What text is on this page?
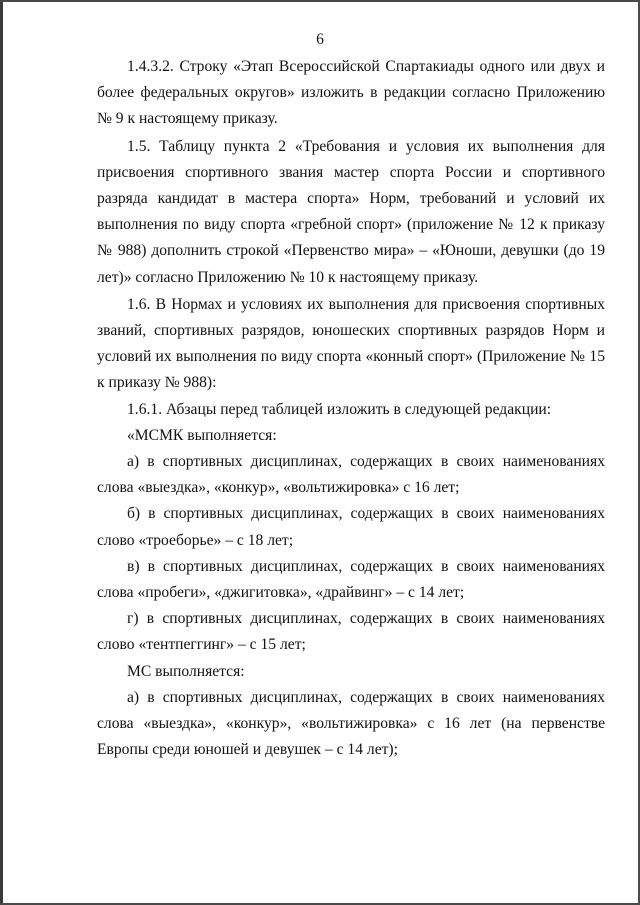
6

1.4.3.2. Строку «Этап Всероссийской Спартакиады одного или двух и более федеральных округов» изложить в редакции согласно Приложению № 9 к настоящему приказу.

1.5. Таблицу пункта 2 «Требования и условия их выполнения для присвоения спортивного звания мастер спорта России и спортивного разряда кандидат в мастера спорта» Норм, требований и условий их выполнения по виду спорта «гребной спорт» (приложение № 12 к приказу № 988) дополнить строкой «Первенство мира» – «Юноши, девушки (до 19 лет)» согласно Приложению № 10 к настоящему приказу.

1.6. В Нормах и условиях их выполнения для присвоения спортивных званий, спортивных разрядов, юношеских спортивных разрядов Норм и условий их выполнения по виду спорта «конный спорт» (Приложение № 15 к приказу № 988):

1.6.1. Абзацы перед таблицей изложить в следующей редакции:

«МСМК выполняется:

а) в спортивных дисциплинах, содержащих в своих наименованиях слова «выездка», «конкур», «вольтижировка» с 16 лет;

б) в спортивных дисциплинах, содержащих в своих наименованиях слово «троеборье» – с 18 лет;

в) в спортивных дисциплинах, содержащих в своих наименованиях слова «пробеги», «джигитовка», «драйвинг» – с 14 лет;

г) в спортивных дисциплинах, содержащих в своих наименованиях слово «тентпеггинг» – с 15 лет;

МС выполняется:

а) в спортивных дисциплинах, содержащих в своих наименованиях слова «выездка», «конкур», «вольтижировка» с 16 лет (на первенстве Европы среди юношей и девушек – с 14 лет);
